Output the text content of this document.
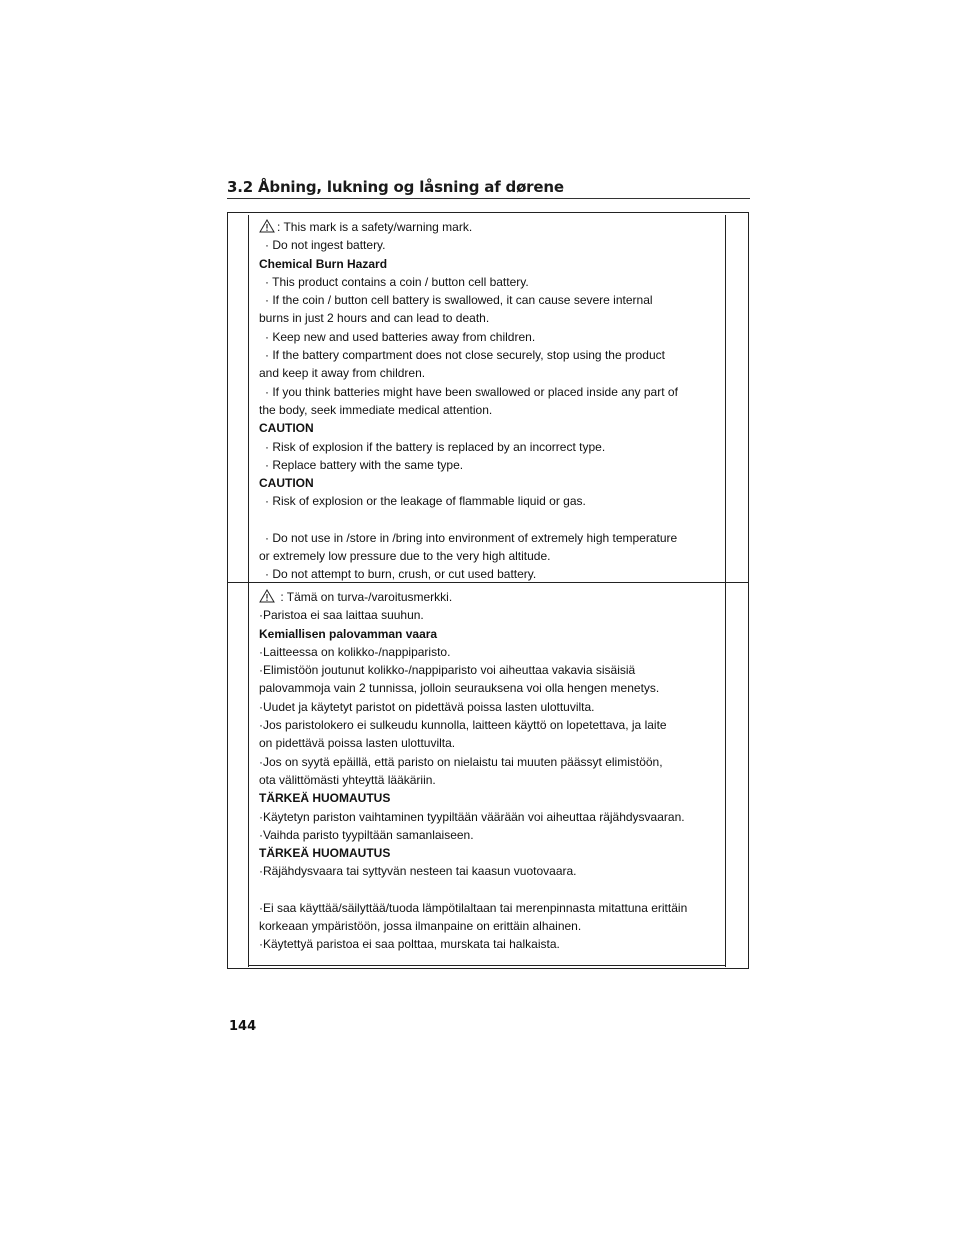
3.2 Åbning, lukning og låsning af dørene
: This mark is a safety/warning mark.
· Do not ingest battery.
Chemical Burn Hazard
· This product contains a coin / button cell battery.
· If the coin / button cell battery is swallowed, it can cause severe internal
burns in just 2 hours and can lead to death.
· Keep new and used batteries away from children.
· If the battery compartment does not close securely, stop using the product
and keep it away from children.
· If you think batteries might have been swallowed or placed inside any part of
the body, seek immediate medical attention.
CAUTION
· Risk of explosion if the battery is replaced by an incorrect type.
· Replace battery with the same type.
CAUTION
· Risk of explosion or the leakage of flammable liquid or gas.
· Do not use in /store in /bring into environment of extremely high temperature
or extremely low pressure due to the very high altitude.
· Do not attempt to burn, crush, or cut used battery.
: Tämä on turva-/varoitusmerkki.
·Paristoa ei saa laittaa suuhun.
Kemiallisen palovamman vaara
·Laitteessa on kolikko-/nappiparisto.
·Elimistöön joutunut kolikko-/nappiparisto voi aiheuttaa vakavia sisäisiä
palovammoja vain 2 tunnissa, jolloin seurauksena voi olla hengen menetys.
·Uudet ja käytetyt paristot on pidettävä poissa lasten ulottuvilta.
·Jos paristolokero ei sulkeudu kunnolla, laitteen käyttö on lopetettava, ja laite
on pidettävä poissa lasten ulottuvilta.
·Jos on syytä epäillä, että paristo on nielaistu tai muuten päässyt elimistöön,
ota välittömästi yhteyttä lääkäriin.
TÄRKEÄ HUOMAUTUS
·Käytetyn pariston vaihtaminen tyypiltään väärään voi aiheuttaa räjähdysvaaran.
·Vaihda paristo tyypiltään samanlaiseen.
TÄRKEÄ HUOMAUTUS
·Räjähdysvaara tai syttyvän nesteen tai kaasun vuotovaara.
·Ei saa käyttää/säilyttää/tuoda lämpötilaltaan tai merenpinnasta mitattuna erittäin
korkeaan ympäristöön, jossa ilmanpaine on erittäin alhainen.
·Käytettyä paristoa ei saa polttaa, murskata tai halkaista.
144
